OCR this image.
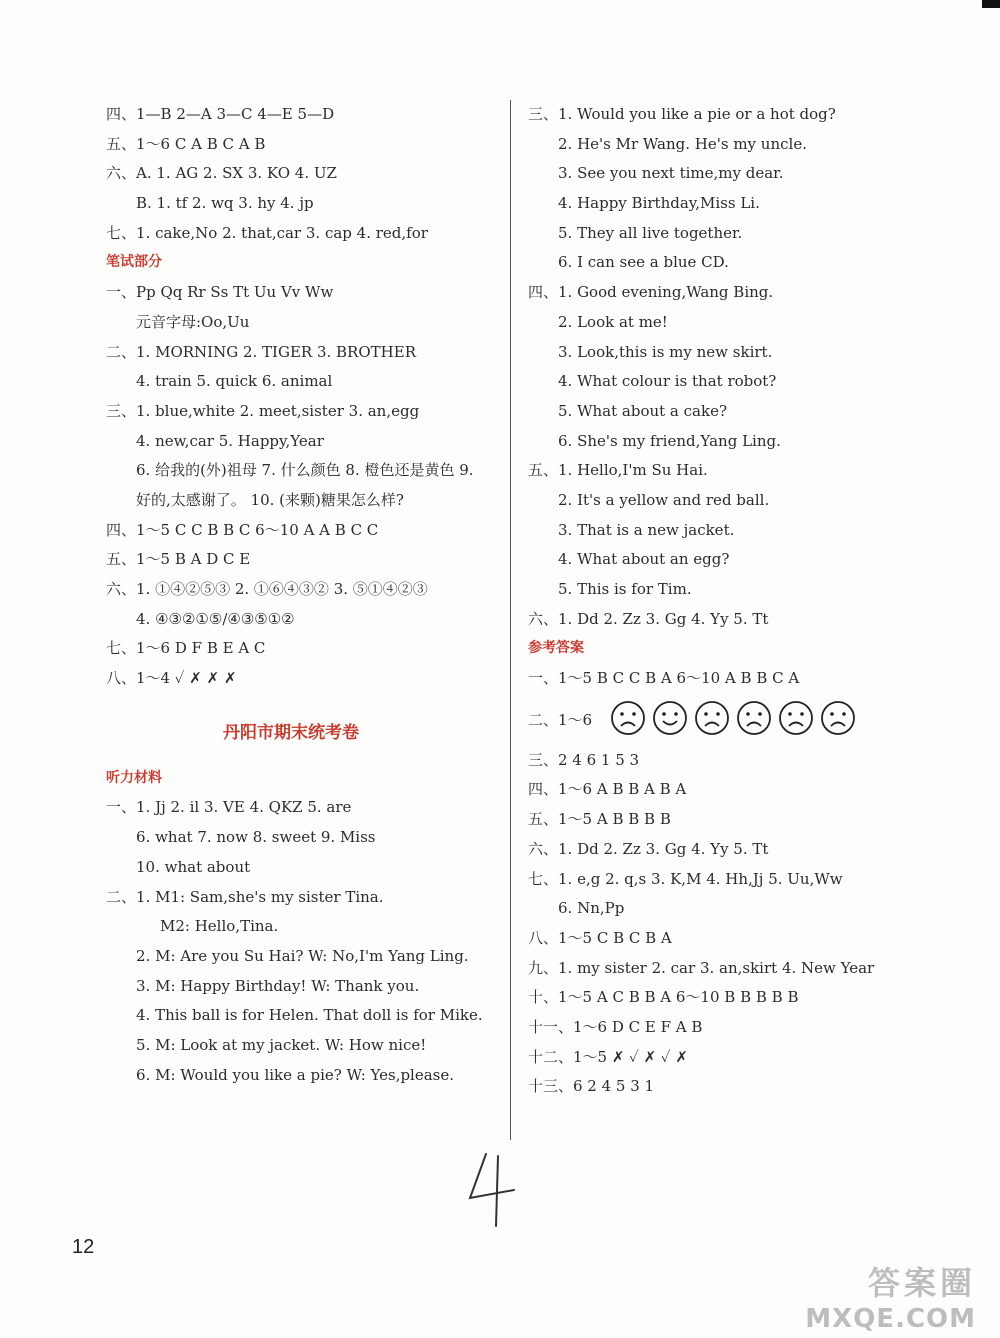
四、1—B 2—A 3—C 4—E 5—D
五、1～6 C A B C A B
六、A. 1. AG 2. SX 3. KO 4. UZ
B. 1. tf 2. wq 3. hy 4. jp
七、1. cake,No 2. that,car 3. cap 4. red,for
笔试部分
一、Pp Qq Rr Ss Tt Uu Vv Ww
元音字母:Oo,Uu
二、1. MORNING 2. TIGER 3. BROTHER
4. train 5. quick 6. animal
三、1. blue,white 2. meet,sister 3. an,egg
4. new,car 5. Happy,Year
6. 给我的(外)祖母 7. 什么颜色 8. 橙色还是黄色 9. 好的,太感谢了。 10. (来颗)糖果怎么样?
四、1～5 C C B B C 6～10 A A B C C
五、1～5 B A D C E
六、1. ①④②⑤③ 2. ①⑥④③② 3. ⑤①④②③
4. ④③②①⑤/④③⑤①②
七、1～6 D F B E A C
八、1～4 ✓ ✗ ✗ ✗
丹阳市期末统考卷
听力材料
一、1. Jj 2. il 3. VE 4. QKZ 5. are
6. what 7. now 8. sweet 9. Miss
10. what about
二、1. M1: Sam,she's my sister Tina.
M2: Hello,Tina.
2. M: Are you Su Hai? W: No,I'm Yang Ling.
3. M: Happy Birthday! W: Thank you.
4. This ball is for Helen. That doll is for Mike.
5. M: Look at my jacket. W: How nice!
6. M: Would you like a pie? W: Yes,please.
三、1. Would you like a pie or a hot dog?
2. He's Mr Wang. He's my uncle.
3. See you next time,my dear.
4. Happy Birthday,Miss Li.
5. They all live together.
6. I can see a blue CD.
四、1. Good evening,Wang Bing.
2. Look at me!
3. Look,this is my new skirt.
4. What colour is that robot?
5. What about a cake?
6. She's my friend,Yang Ling.
五、1. Hello,I'm Su Hai.
2. It's a yellow and red ball.
3. That is a new jacket.
4. What about an egg?
5. This is for Tim.
六、1. Dd 2. Zz 3. Gg 4. Yy 5. Tt
参考答案
一、1～5 B C C B A 6～10 A B B C A
二、1～6
三、2 4 6 1 5 3
四、1～6 A B B A B A
五、1～5 A B B B B
六、1. Dd 2. Zz 3. Gg 4. Yy 5. Tt
七、1. e,g 2. q,s 3. K,M 4. Hh,Jj 5. Uu,Ww
6. Nn,Pp
八、1～5 C B C B A
九、1. my sister 2. car 3. an,skirt 4. New Year
十、1～5 A C B B A 6～10 B B B B B
十一、1～6 D C E F A B
十二、1～5 ✗ ✓ ✗ ✓ ✗
十三、6 2 4 5 3 1
12
答案圈
MXQE.COM
